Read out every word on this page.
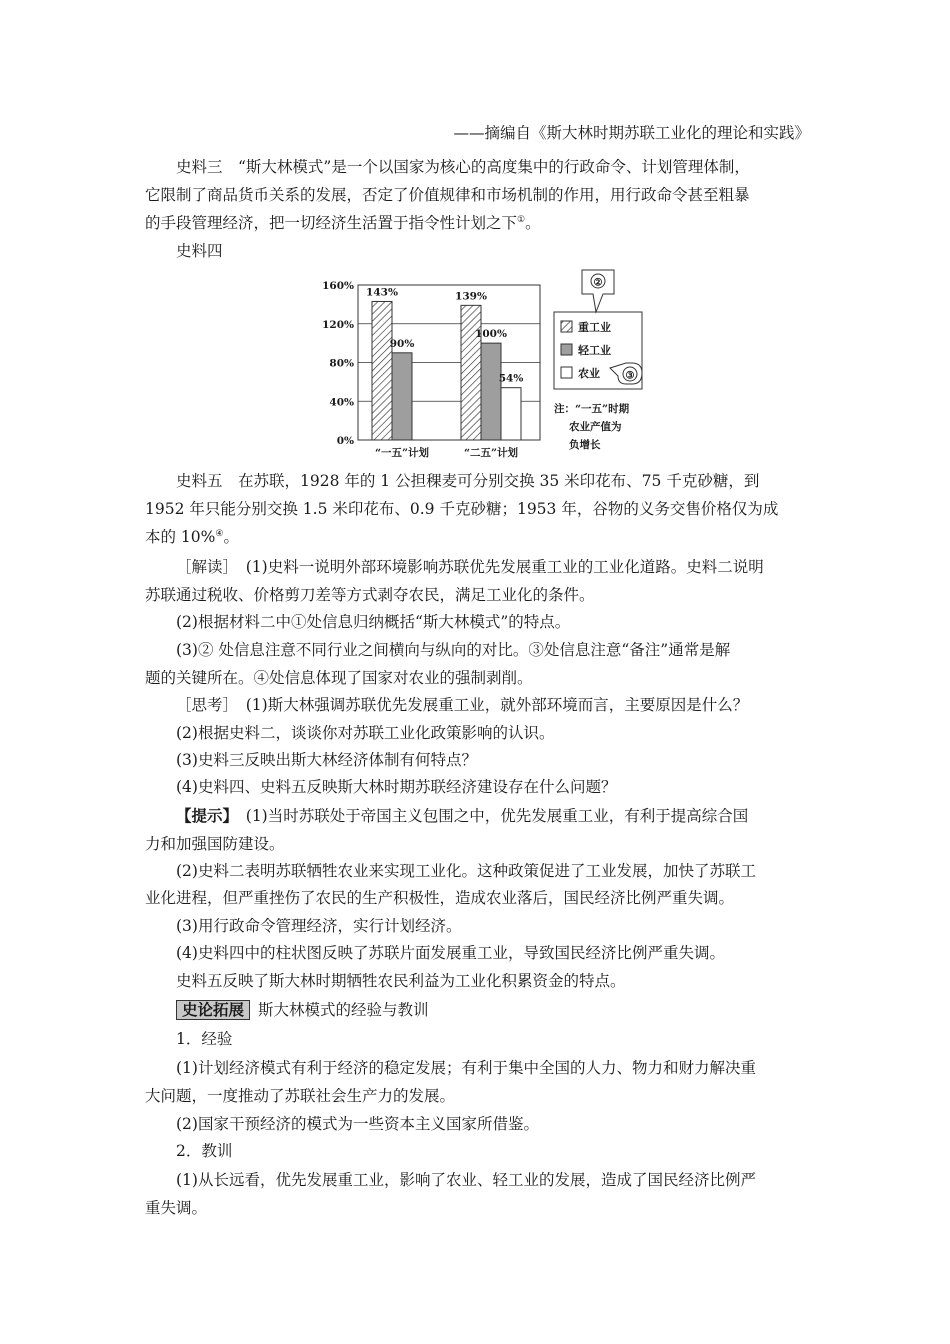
——摘编自《斯大林时期苏联工业化的理论和实践》
史料三　“斯大林模式”是一个以国家为核心的高度集中的行政命令、计划管理体制，
它限制了商品货币关系的发展，否定了价值规律和市场机制的作用，用行政命令甚至粗暴
的手段管理经济，把一切经济生活置于指令性计划之下①。
史料四
143%	139%
90%
100%
54%
160%
120%
80%
40%
0%
“一五”计划	“二五”计划
重工业
轻工业
农业
②
③
注：“一五”时期
农业产值为
负增长
史料五　在苏联，1928 年的 1 公担稞麦可分别交换 35 米印花布、75 千克砂糖，到
1952 年只能分别交换 1.5 米印花布、0.9 千克砂糖；1953 年，谷物的义务交售价格仅为成
本的 10%④。
［解读］　(1)史料一说明外部环境影响苏联优先发展重工业的工业化道路。史料二说明
苏联通过税收、价格剪刀差等方式剥夺农民，满足工业化的条件。
(2)根据材料二中①处信息归纳概括“斯大林模式”的特点。
(3)② 处信息注意不同行业之间横向与纵向的对比。③处信息注意“备注”通常是解
题的关键所在。④处信息体现了国家对农业的强制剥削。
［思考］　(1)斯大林强调苏联优先发展重工业，就外部环境而言，主要原因是什么？
(2)根据史料二，谈谈你对苏联工业化政策影响的认识。
(3)史料三反映出斯大林经济体制有何特点？
(4)史料四、史料五反映斯大林时期苏联经济建设存在什么问题？
【提示】　(1)当时苏联处于帝国主义包围之中，优先发展重工业，有利于提高综合国
力和加强国防建设。
(2)史料二表明苏联牺牲农业来实现工业化。这种政策促进了工业发展，加快了苏联工
业化进程，但严重挫伤了农民的生产积极性，造成农业落后，国民经济比例严重失调。
(3)用行政命令管理经济，实行计划经济。
(4)史料四中的柱状图反映了苏联片面发展重工业，导致国民经济比例严重失调。
史料五反映了斯大林时期牺牲农民利益为工业化积累资金的特点。
史论拓展 斯大林模式的经验与教训
1．经验
(1)计划经济模式有利于经济的稳定发展；有利于集中全国的人力、物力和财力解决重
大问题，一度推动了苏联社会生产力的发展。
(2)国家干预经济的模式为一些资本主义国家所借鉴。
2．教训
(1)从长远看，优先发展重工业，影响了农业、轻工业的发展，造成了国民经济比例严
重失调。
